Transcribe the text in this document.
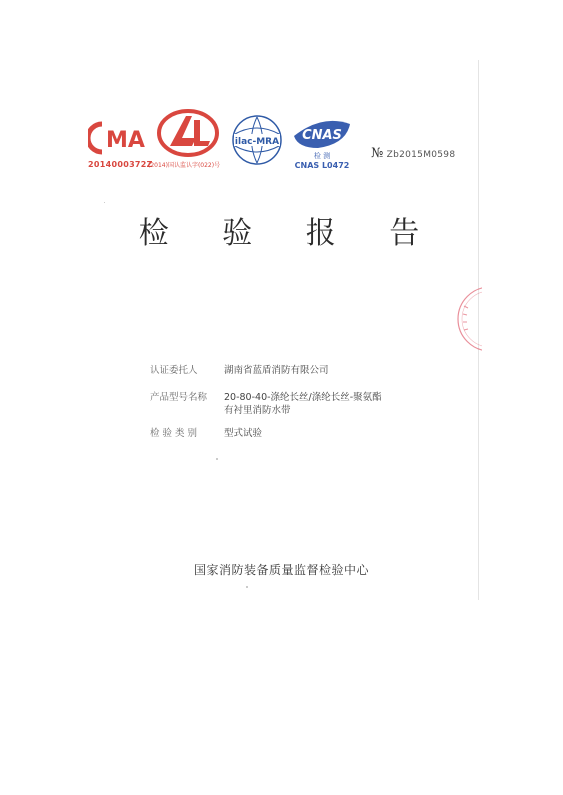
MA
2014000372Z
(2014)国认监认字(022)号
ilac-MRA CNAS
检 测
CNAS L0472
№ Zb2015M0598
检 验 报 告
认证委托人	湖南省蓝盾消防有限公司
产品型号名称	20-80-40-涤纶长丝/涤纶长丝-聚氨酯
有衬里消防水带
检 验 类 别	型式试验
国家消防装备质量监督检验中心
